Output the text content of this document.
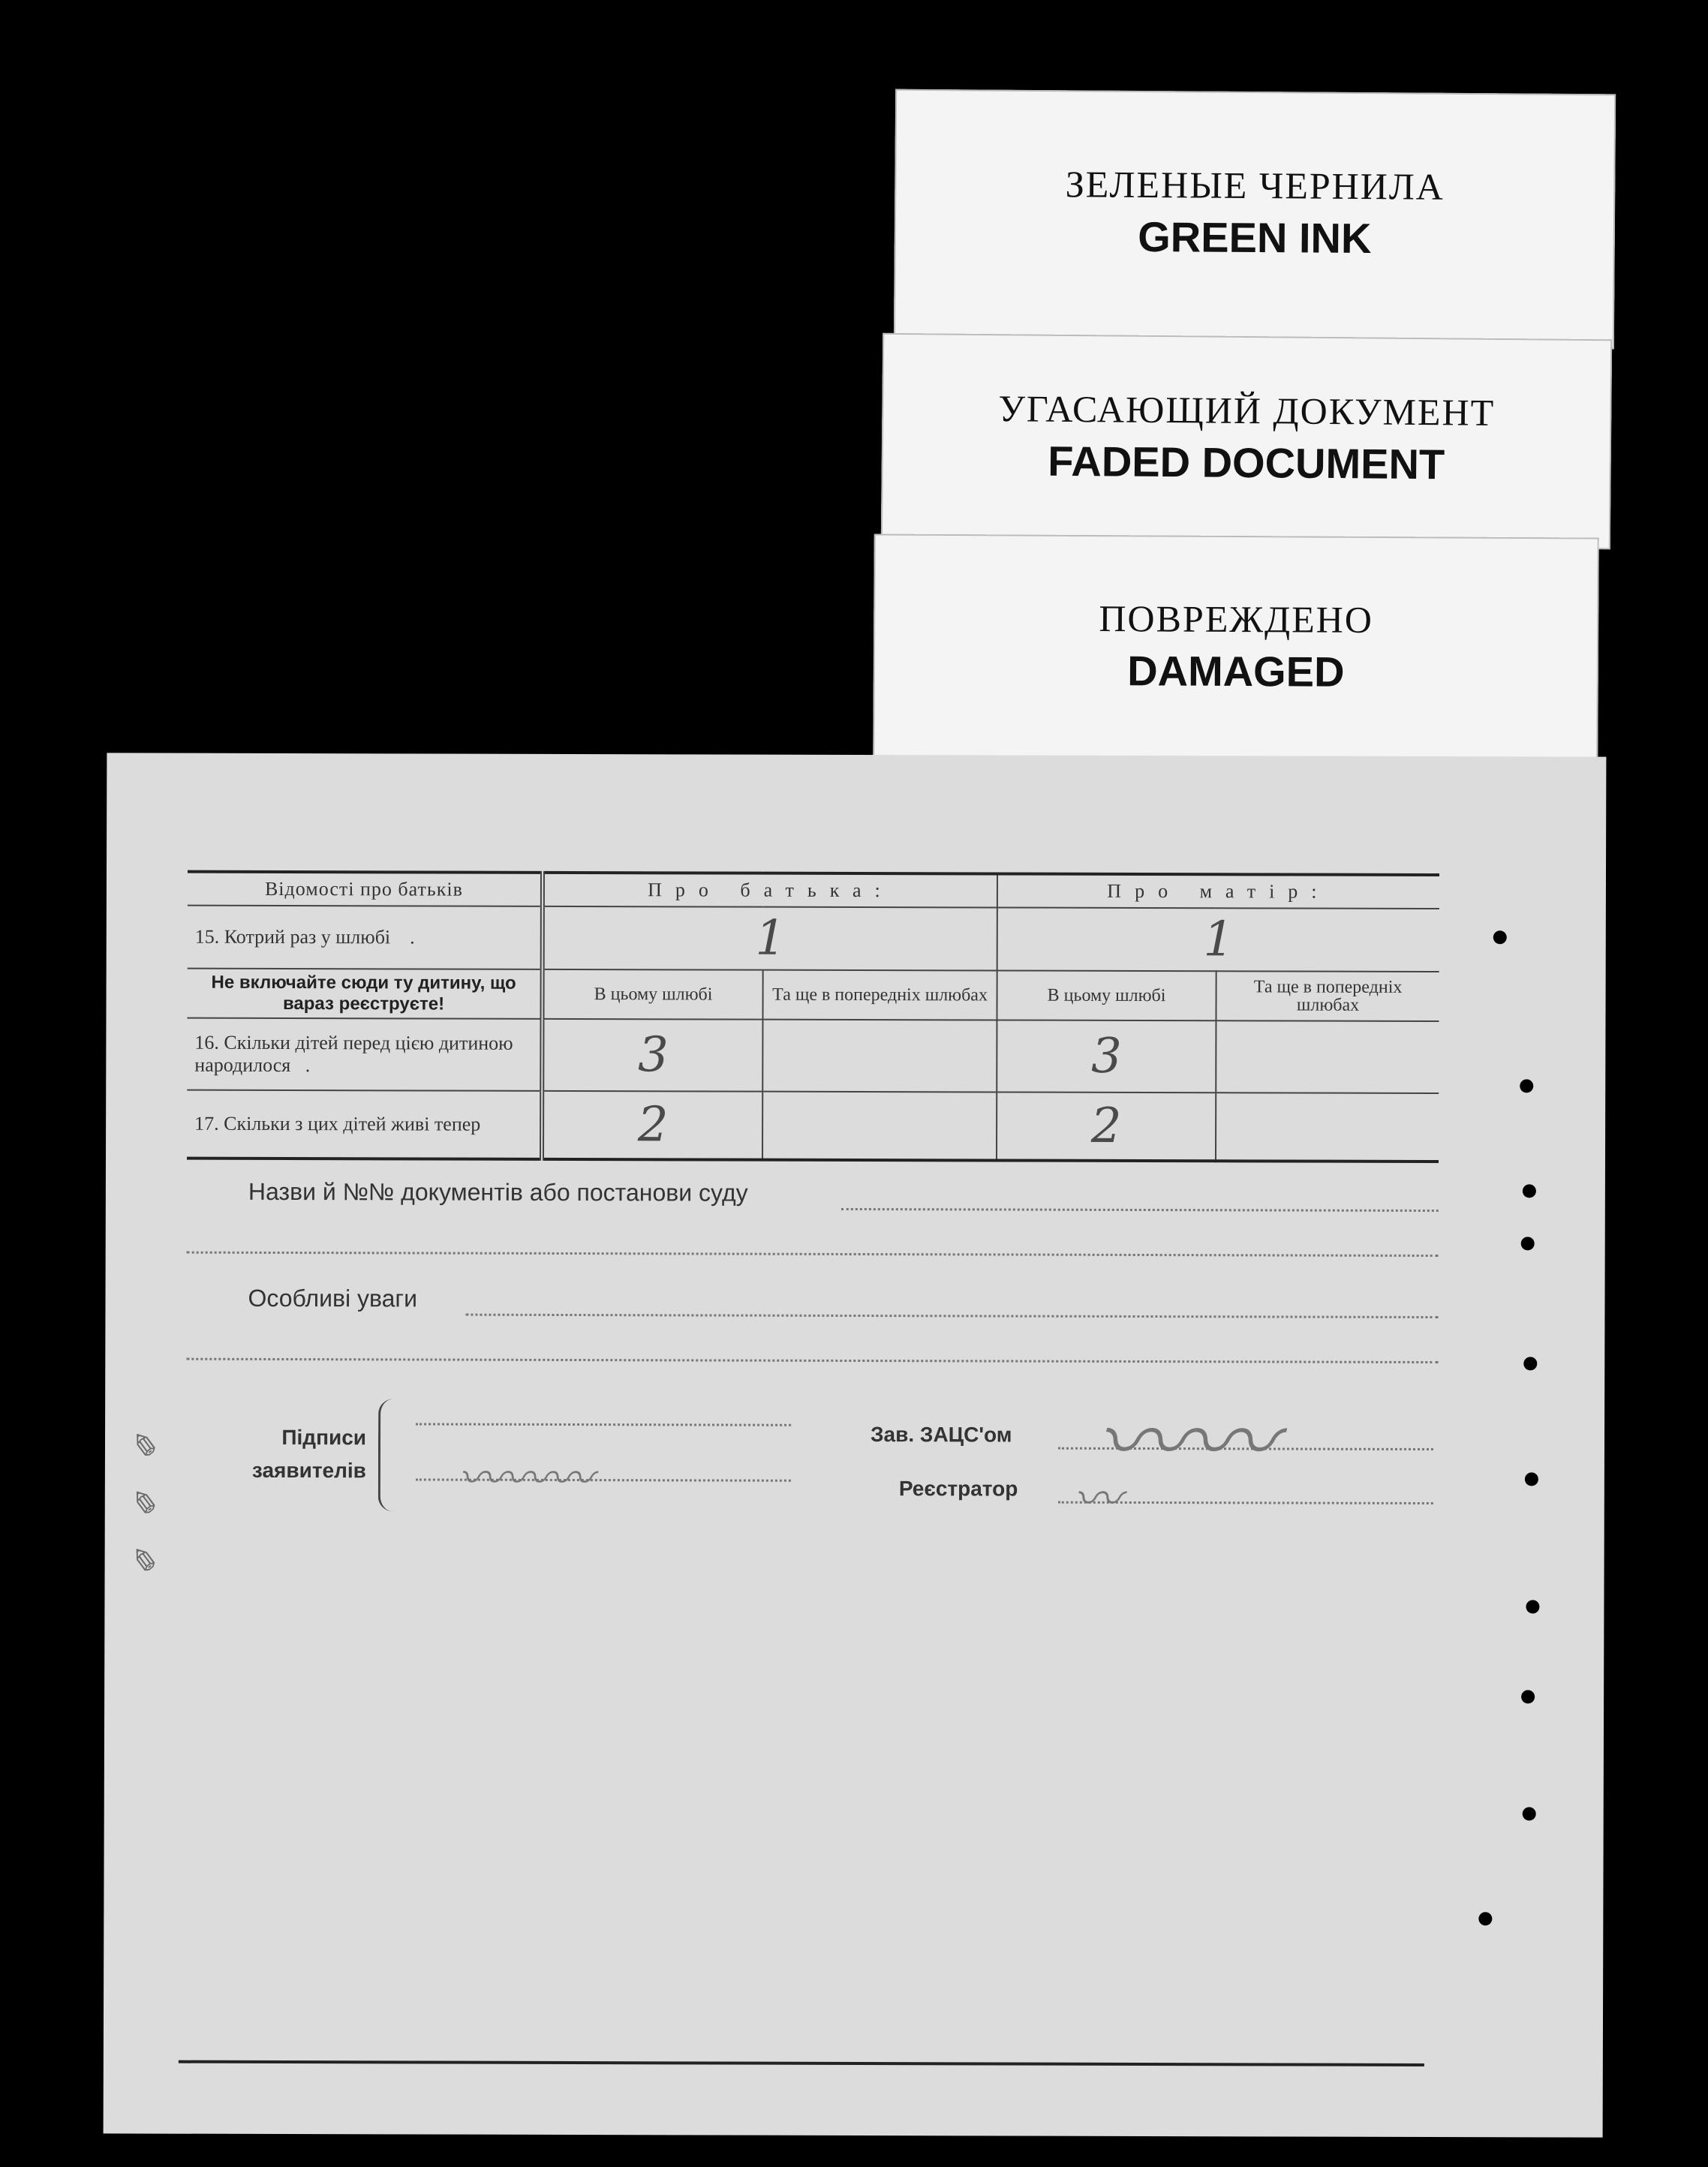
ЗЕЛЕНЫЕ ЧЕРНИЛА
GREEN INK
УГАСАЮЩИЙ ДОКУМЕНТ
FADED DOCUMENT
ПОВРЕЖДЕНО
DAMAGED
✎ ✎ ✎
Відомості про батьків	Про батька:		Про матір:	
15. Котрий раз у шлюбі .	1		1	
Не включайте сюди ту дитину, що вараз реєструєте!	В цьому шлюбі	Та ще в попередніх шлюбах	В цьому шлюбі	Та ще в попередніх шлюбах
16. Скільки дітей перед цією дитиною народилося .	3		3	
17. Скільки з цих дітей живі тепер	2		2	
Назви й №№ документів або постанови суду
Особливі уваги
Підписи заявителів 〰〰〰
Зав. ЗАЦС'ом 〰〰
Реєстратор 〰
